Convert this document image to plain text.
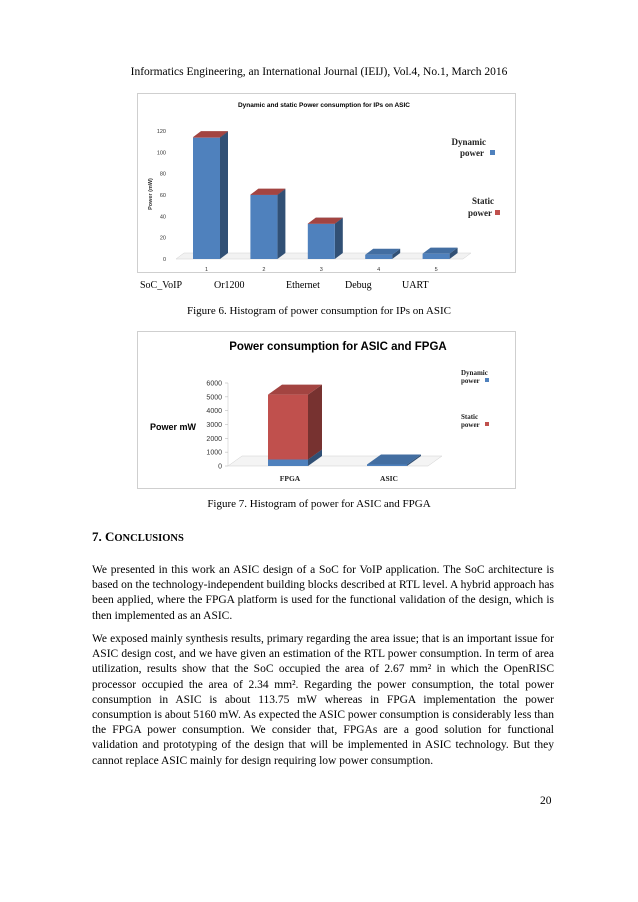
Informatics Engineering, an International Journal (IEIJ), Vol.4, No.1, March 2016
Dynamic and static Power consumption for IPs on ASIC
0
20
40
60
80
100
120
1	2	3	4	5
Power (mW)
Dynamic
power
Static
power
SoC_VoIP	Or1200	Ethernet	Debug	UART
Figure 6. Histogram of power consumption for IPs on ASIC
Power consumption for ASIC and FPGA
0
1000
2000
3000
4000
5000
6000
FPGA	ASIC
Power mW
Dynamic
power
Static
power
Figure 7. Histogram of power for ASIC and FPGA
7. CONCLUSIONS
We presented in this work an ASIC design of a SoC for VoIP application. The SoC architecture is based on the technology-independent building blocks described at RTL level. A hybrid approach has been applied, where the FPGA platform is used for the functional validation of the design, which is then implemented as an ASIC.
We exposed mainly synthesis results, primary regarding the area issue; that is an important issue for ASIC design cost, and we have given an estimation of the RTL power consumption. In term of area utilization, results show that the SoC occupied the area of 2.67 mm² in which the OpenRISC processor occupied the area of 2.34 mm². Regarding the power consumption, the total power consumption in ASIC is about 113.75 mW whereas in FPGA implementation the power consumption is about 5160 mW. As expected the ASIC power consumption is considerably less than the FPGA power consumption. We consider that, FPGAs are a good solution for functional validation and prototyping of the design that will be implemented in ASIC technology. But they cannot replace ASIC mainly for design requiring low power consumption.
20
